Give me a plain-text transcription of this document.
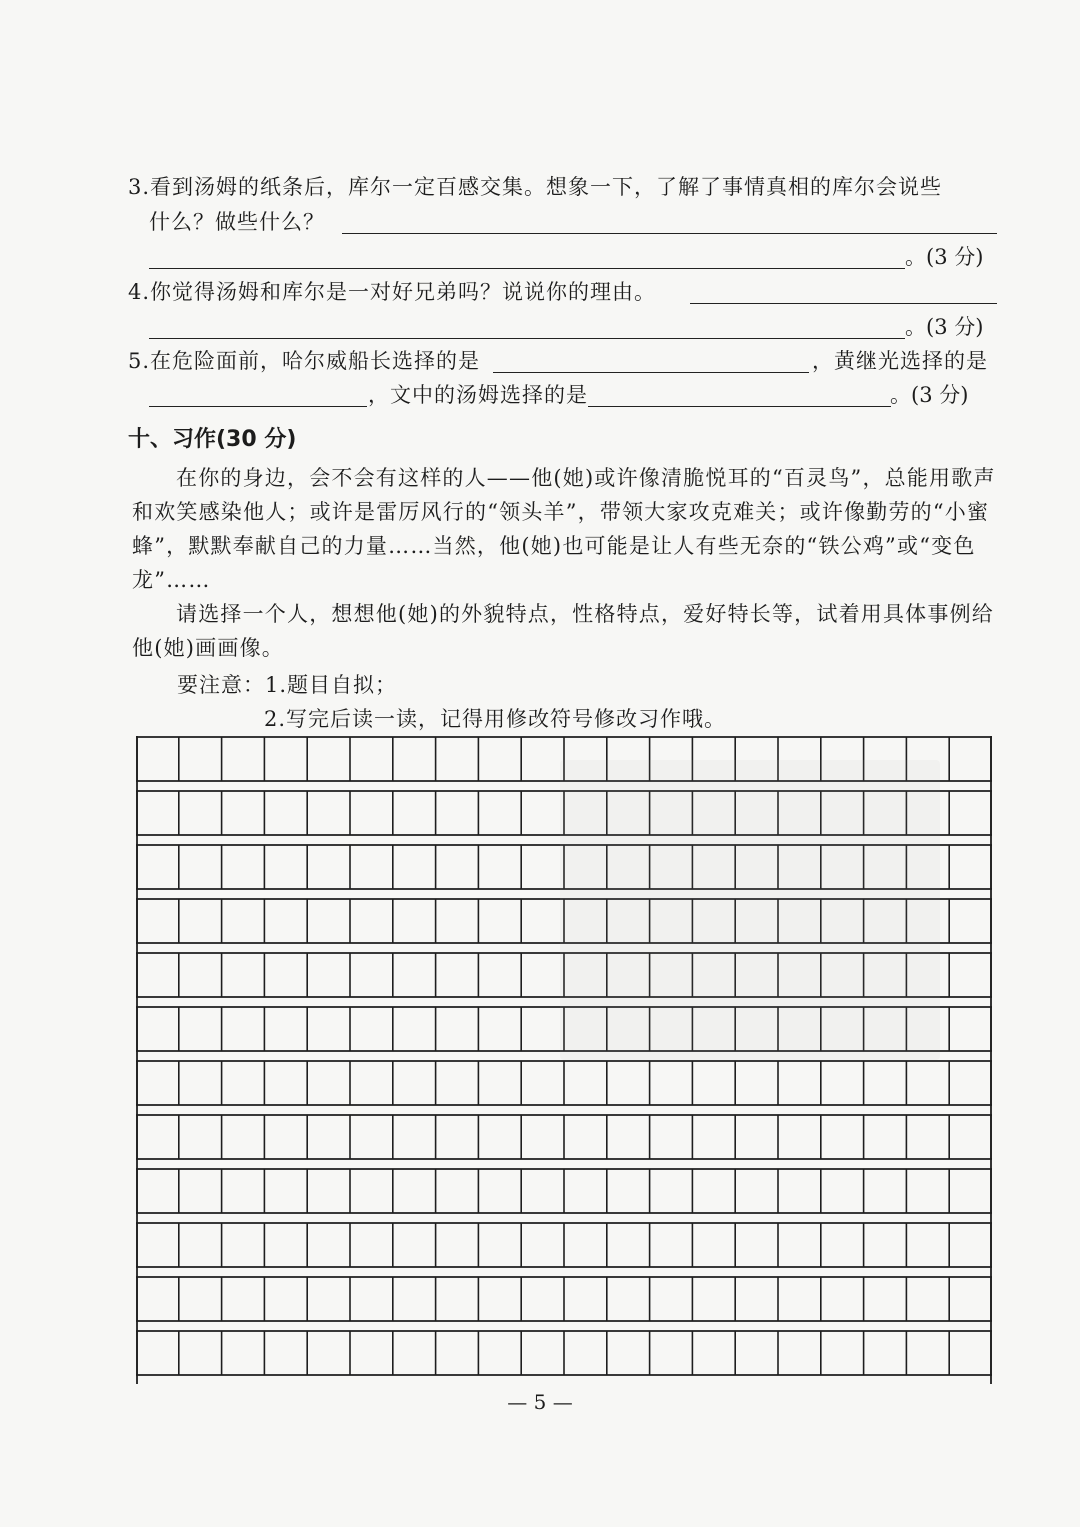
3.看到汤姆的纸条后，库尔一定百感交集。想象一下，了解了事情真相的库尔会说些
什么？做些什么？
。(3 分)
4.你觉得汤姆和库尔是一对好兄弟吗？说说你的理由。
。(3 分)
5.在危险面前，哈尔威船长选择的是	，黄继光选择的是
，文中的汤姆选择的是	。(3 分)
十、习作(30 分)
在你的身边，会不会有这样的人——他(她)或许像清脆悦耳的“百灵鸟”，总能用歌声和欢笑感染他人；或许是雷厉风行的“领头羊”，带领大家攻克难关；或许像勤劳的“小蜜蜂”，默默奉献自己的力量……当然，他(她)也可能是让人有些无奈的“铁公鸡”或“变色龙”……
请选择一个人，想想他(她)的外貌特点，性格特点，爱好特长等，试着用具体事例给他(她)画画像。
要注意：1.题目自拟；
2.写完后读一读，记得用修改符号修改习作哦。
— 5 —
